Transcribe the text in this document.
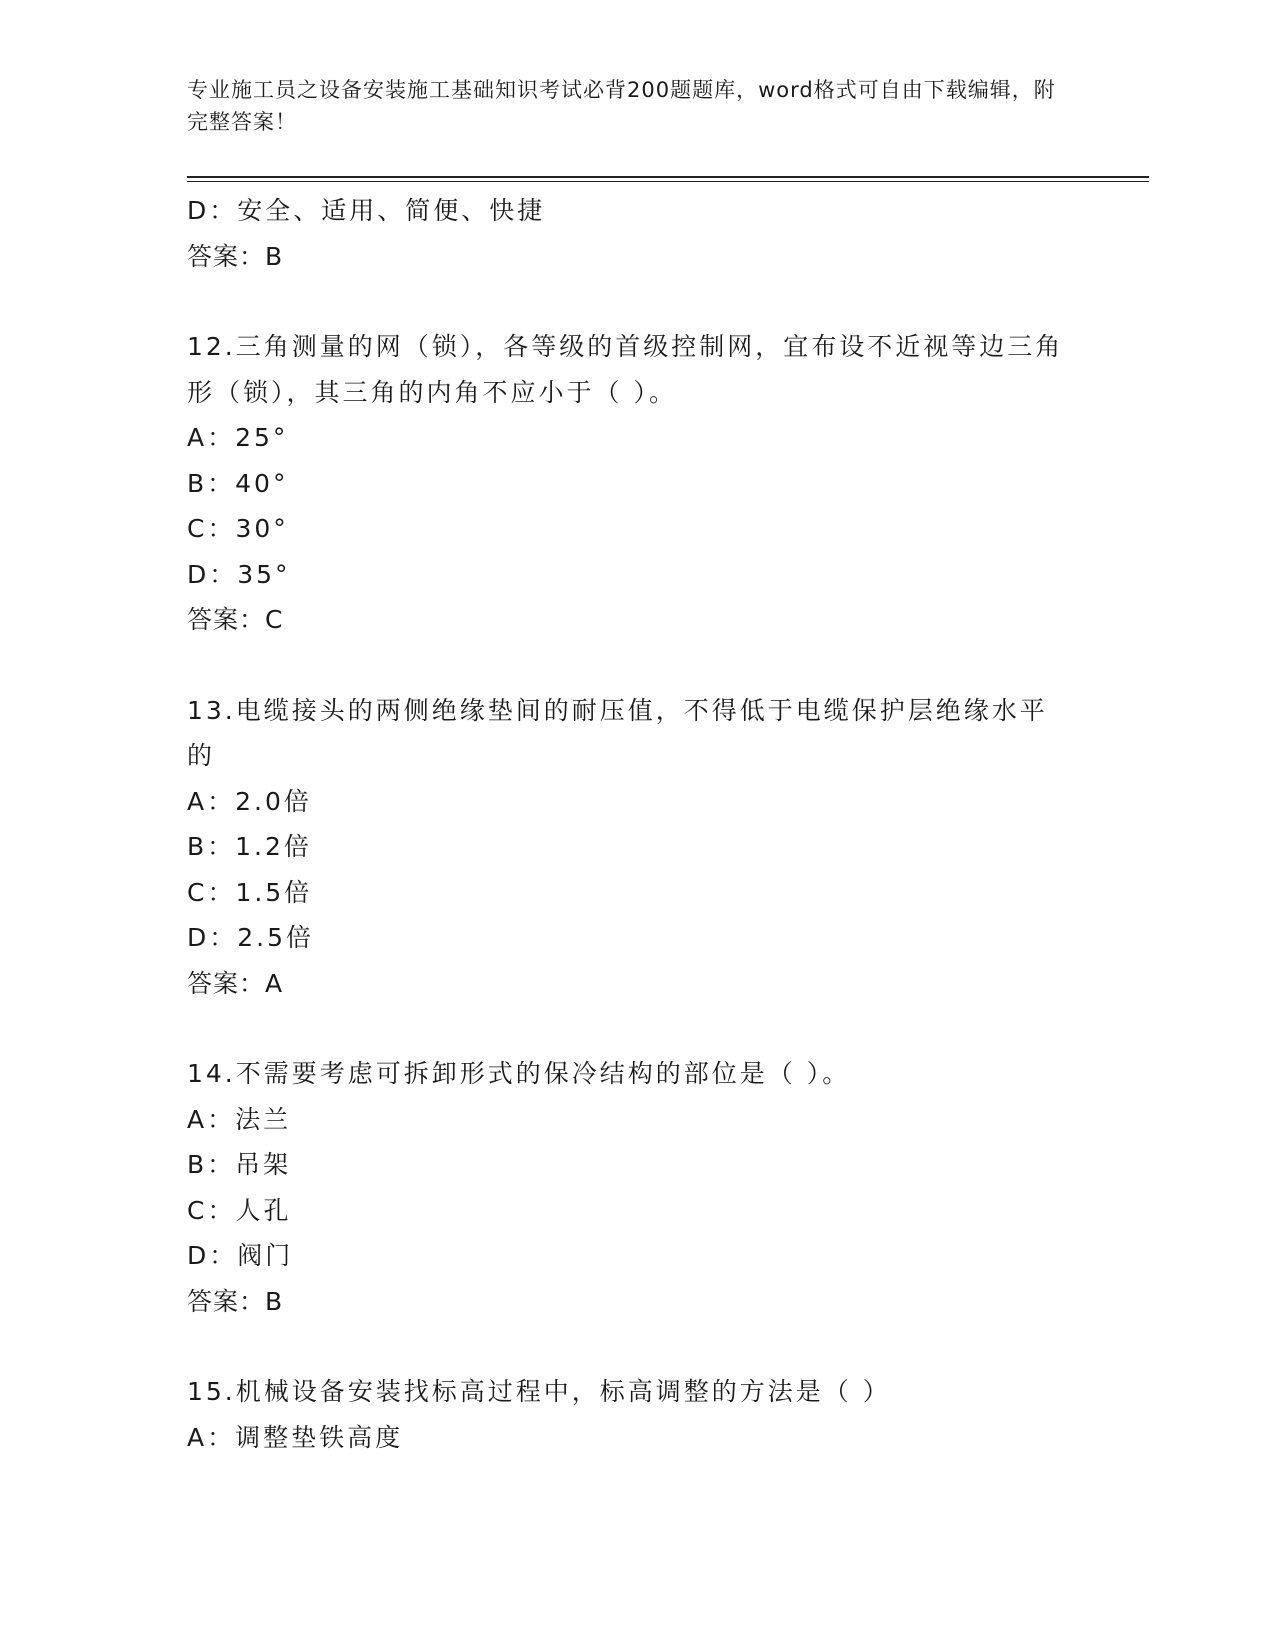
专业施工员之设备安装施工基础知识考试必背200题题库，word格式可自由下载编辑，附完整答案！
D：安全、适用、简便、快捷
答案：B
12.三角测量的网（锁），各等级的首级控制网，宜布设不近视等边三角形（锁），其三角的内角不应小于（ ）。
A：25°
B：40°
C：30°
D：35°
答案：C
13.电缆接头的两侧绝缘垫间的耐压值，不得低于电缆保护层绝缘水平的
A：2.0倍
B：1.2倍
C：1.5倍
D：2.5倍
答案：A
14.不需要考虑可拆卸形式的保冷结构的部位是（ ）。
A：法兰
B：吊架
C：人孔
D：阀门
答案：B
15.机械设备安装找标高过程中，标高调整的方法是（ ）
A：调整垫铁高度
